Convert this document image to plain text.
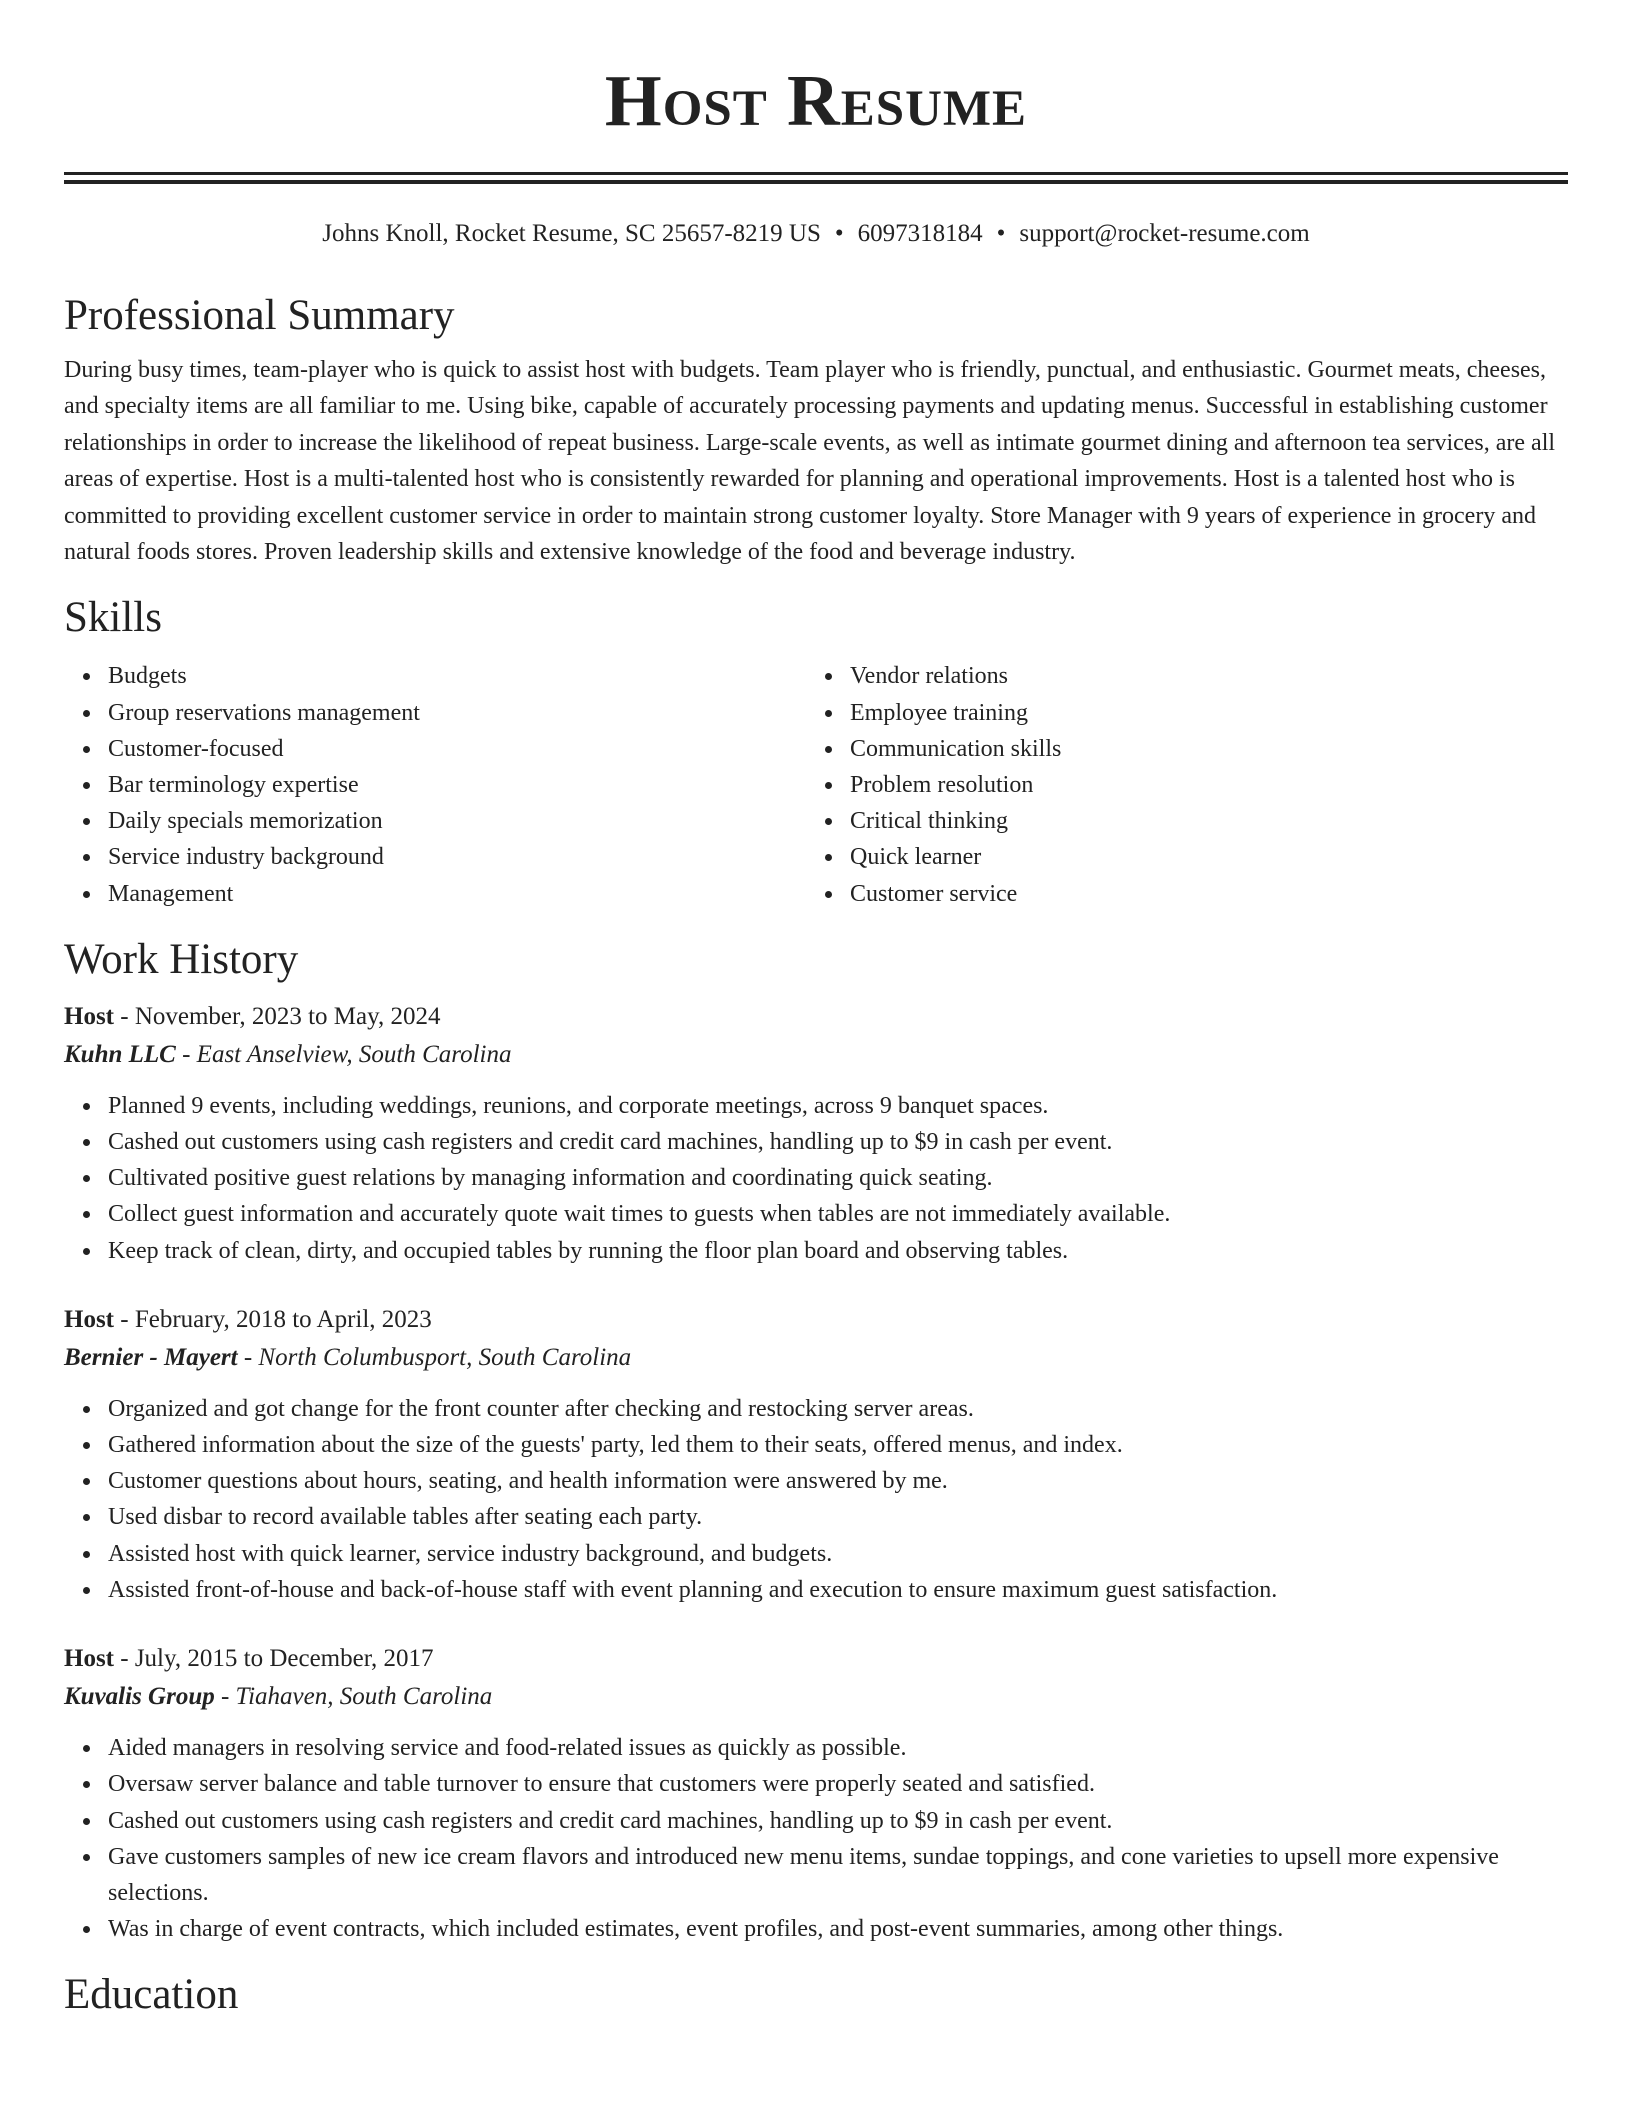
Host Resume
Johns Knoll, Rocket Resume, SC 25657-8219 US • 6097318184 • support@rocket-resume.com
Professional Summary

During busy times, team-player who is quick to assist host with budgets. Team player who is friendly, punctual, and enthusiastic. Gourmet meats, cheeses, and specialty items are all familiar to me. Using bike, capable of accurately processing payments and updating menus. Successful in establishing customer relationships in order to increase the likelihood of repeat business. Large-scale events, as well as intimate gourmet dining and afternoon tea services, are all areas of expertise. Host is a multi-talented host who is consistently rewarded for planning and operational improvements. Host is a talented host who is committed to providing excellent customer service in order to maintain strong customer loyalty. Store Manager with 9 years of experience in grocery and natural foods stores. Proven leadership skills and extensive knowledge of the food and beverage industry.

Skills
Budgets
Group reservations management
Customer-focused
Bar terminology expertise
Daily specials memorization
Service industry background
Management
Vendor relations
Employee training
Communication skills
Problem resolution
Critical thinking
Quick learner
Customer service
Work History

Host - November, 2023 to May, 2024

Kuhn LLC - East Anselview, South Carolina

Planned 9 events, including weddings, reunions, and corporate meetings, across 9 banquet spaces.
Cashed out customers using cash registers and credit card machines, handling up to $9 in cash per event.
Cultivated positive guest relations by managing information and coordinating quick seating.
Collect guest information and accurately quote wait times to guests when tables are not immediately available.
Keep track of clean, dirty, and occupied tables by running the floor plan board and observing tables.

Host - February, 2018 to April, 2023

Bernier - Mayert - North Columbusport, South Carolina

Organized and got change for the front counter after checking and restocking server areas.
Gathered information about the size of the guests' party, led them to their seats, offered menus, and index.
Customer questions about hours, seating, and health information were answered by me.
Used disbar to record available tables after seating each party.
Assisted host with quick learner, service industry background, and budgets.
Assisted front-of-house and back-of-house staff with event planning and execution to ensure maximum guest satisfaction.

Host - July, 2015 to December, 2017

Kuvalis Group - Tiahaven, South Carolina

Aided managers in resolving service and food-related issues as quickly as possible.
Oversaw server balance and table turnover to ensure that customers were properly seated and satisfied.
Cashed out customers using cash registers and credit card machines, handling up to $9 in cash per event.
Gave customers samples of new ice cream flavors and introduced new menu items, sundae toppings, and cone varieties to upsell more expensive selections.
Was in charge of event contracts, which included estimates, event profiles, and post-event summaries, among other things.
Education
